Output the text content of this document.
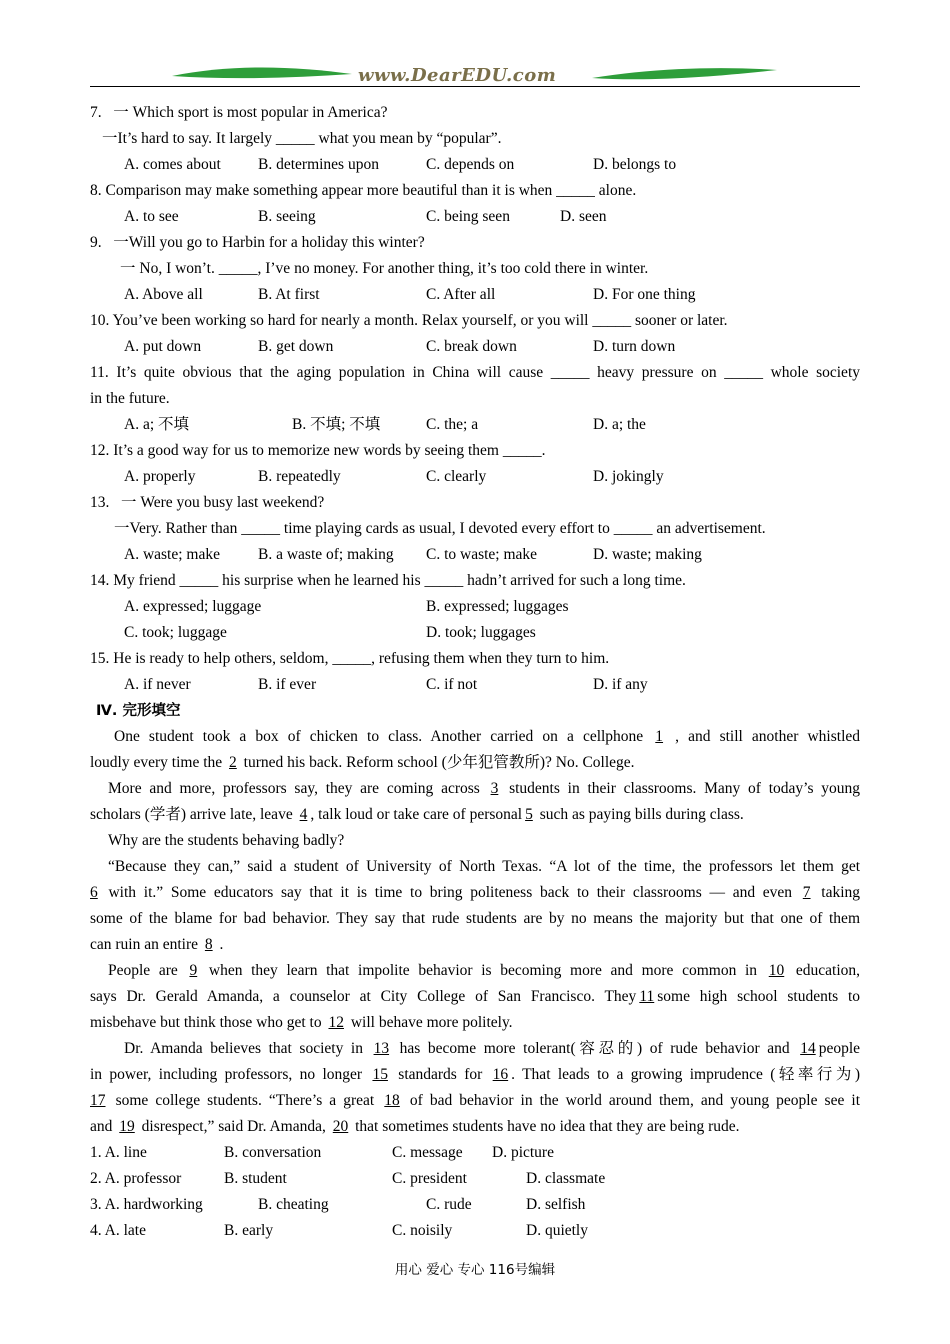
www.DearEDU.com
7.   一 Which sport is most popular in America?
一It’s hard to say. It largely _____ what you mean by “popular”.
A. comes about B. determines upon	C. depends on	D. belongs to
8. Comparison may make something appear more beautiful than it is when _____ alone.
A. to see	B. seeing	C. being seen	D. seen
9.   一Will you go to Harbin for a holiday this winter?
一 No, I won’t. _____, I’ve no money. For another thing, it’s too cold there in winter.
A. Above all	B. At first	C. After all	D. For one thing
10. You’ve been working so hard for nearly a month. Relax yourself, or you will _____ sooner or later.
A. put down	B. get down	C. break down	D. turn down
11. It’s quite obvious that the aging population in China will cause _____ heavy pressure on _____ whole society
in the future.
A. a; 不填	B. 不填; 不填	C. the; a	D. a; the
12. It’s a good way for us to memorize new words by seeing them _____.
A. properly	B. repeatedly	C. clearly	D. jokingly
13.   一 Were you busy last weekend?
一Very. Rather than _____ time playing cards as usual, I devoted every effort to _____ an advertisement.
A. waste; make B. a waste of; making C. to waste; make	D. waste; making
14. My friend _____ his surprise when he learned his _____ hadn’t arrived for such a long time.
A. expressed; luggage	B. expressed; luggages
C. took; luggage	D. took; luggages
15. He is ready to help others, seldom, _____, refusing them when they turn to him.
A. if never	B. if ever	C. if not	D. if any
Ⅳ. 完形填空
One student took a box of chicken to class. Another carried on a cellphone 1 , and still another whistled
loudly every time the 2 turned his back. Reform school (少年犯管教所)? No. College.
More and more, professors say, they are coming across 3 students in their classrooms. Many of today’s young
scholars (学者) arrive late, leave 4 , talk loud or take care of personal 5 such as paying bills during class.
Why are the students behaving badly?
“Because they can,” said a student of University of North Texas. “A lot of the time, the professors let them get
6 with it.” Some educators say that it is time to bring politeness back to their classrooms — and even 7 taking
some of the blame for bad behavior. They say that rude students are by no means the majority but that one of them
can ruin an entire 8 .
People are 9 when they learn that impolite behavior is becoming more and more common in 10 education,
says Dr. Gerald Amanda, a counselor at City College of San Francisco. They 11 some high school students to
misbehave but think those who get to 12 will behave more politely.
Dr. Amanda believes that society in 13 has become more tolerant(容忍的) of rude behavior and 14 people
in power, including professors, no longer 15 standards for 16 . That leads to a growing imprudence (轻率行为)
17 some college students. “There’s a great 18 of bad behavior in the world around them, and young people see it
and 19 disrespect,” said Dr. Amanda, 20 that sometimes students have no idea that they are being rude.
1. A. line	B. conversation	C. message D. picture
2. A. professor	B. student	C. president	D. classmate
3. A. hardworking	B. cheating	C. rude	D. selfish
4. A. late	B. early	C. noisily	D. quietly
用心 爱心 专心 116号编辑
